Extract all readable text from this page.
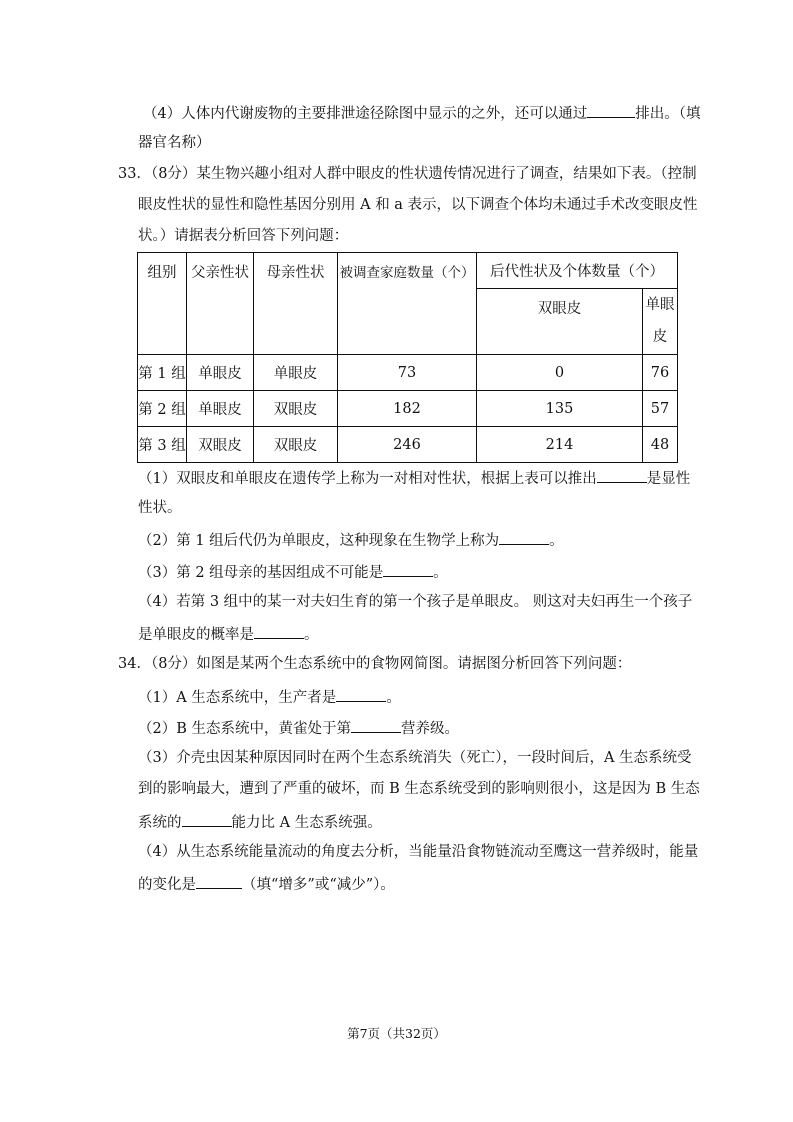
（4）人体内代谢废物的主要排泄途径除图中显示的之外，还可以通过	排出。（填
器官名称）
33．（8分）某生物兴趣小组对人群中眼皮的性状遗传情况进行了调查，结果如下表。（控制
眼皮性状的显性和隐性基因分别用 A 和 a 表示，以下调查个体均未通过手术改变眼皮性
状。）请据表分析回答下列问题：
组别	父亲性状	母亲性状	被调查家庭数量（个）	后代性状及个体数量（个）	
				双眼皮	单眼
皮

第 1 组	单眼皮	单眼皮	73	0	76
第 2 组	单眼皮	双眼皮	182	135	57
第 3 组	双眼皮	双眼皮	246	214	48
（1）双眼皮和单眼皮在遗传学上称为一对相对性状，根据上表可以推出	是显性
性状。
（2）第 1 组后代仍为单眼皮，这种现象在生物学上称为	。
（3）第 2 组母亲的基因组成不可能是	。
（4）若第 3 组中的某一对夫妇生育的第一个孩子是单眼皮。 则这对夫妇再生一个孩子
是单眼皮的概率是	。
34．（8分）如图是某两个生态系统中的食物网简图。请据图分析回答下列问题：
（1）A 生态系统中，生产者是	。
（2）B 生态系统中，黄雀处于第	营养级。
（3）介壳虫因某种原因同时在两个生态系统消失（死亡），一段时间后，A 生态系统受
到的影响最大，遭到了严重的破坏，而 B 生态系统受到的影响则很小，这是因为 B 生态
系统的	能力比 A 生态系统强。
（4）从生态系统能量流动的角度去分析，当能量沿食物链流动至鹰这一营养级时，能量
的变化是	（填“增多”或“减少”）。
第7页（共32页）
